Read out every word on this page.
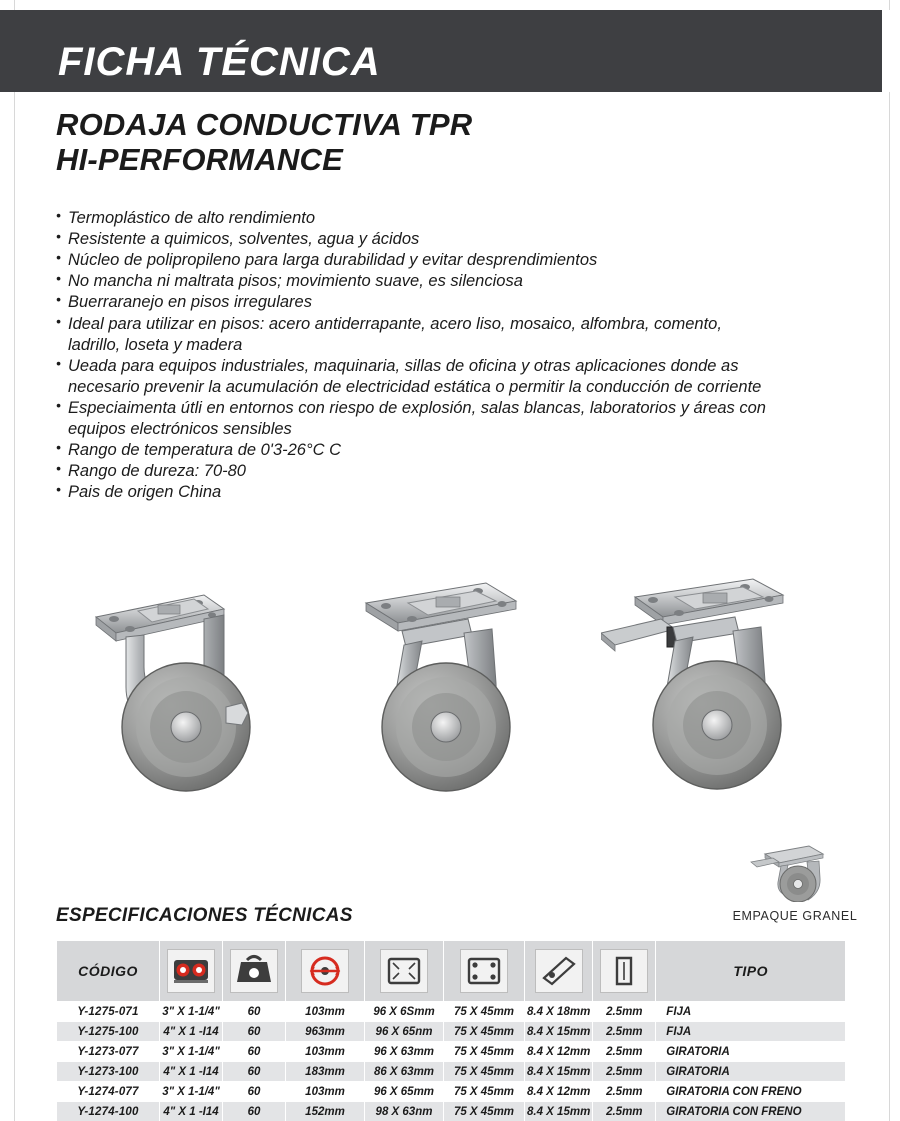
FICHA TÉCNICA
RODAJA CONDUCTIVA TPR
HI-PERFORMANCE
• Termoplástico de alto rendimiento
• Resistente a quimicos, solventes, agua y ácidos
• Núcleo de polipropileno para larga durabilidad y evitar desprendimientos
• No mancha ni maltrata pisos; movimiento suave, es silenciosa
• Buerraranejo en pisos irregulares
• Ideal para utilizar en pisos: acero antiderrapante, acero liso, mosaico, alfombra, comento, ladrillo, loseta y madera
• Ueada para equipos industriales, maquinaria, sillas de oficina y otras aplicaciones donde as necesario prevenir la acumulación de electricidad estática o permitir la conducción de corriente
• Especiaimenta útli en entornos con riespo de explosión, salas blancas, laboratorios y áreas con equipos electrónicos sensibles
• Rango de temperatura de 0'3-26°C C
• Rango de dureza: 70-80
• Pais de origen China
EMPAQUE GRANEL
ESPECIFICACIONES TÉCNICAS
CÓDIGO								TIPO
Y-1275-071	3" X 1-1/4"	60	103mm	96 X 6Smm	75 X 45mm	8.4 X 18mm	2.5mm	FIJA
Y-1275-100	4" X 1 -I14	60	963mm	96 X 65nm	75 X 45mm	8.4 X 15mm	2.5mm	FIJA
Y-1273-077	3" X 1-1/4"	60	103mm	96 X 63mm	75 X 45mm	8.4 X 12mm	2.5mm	GIRATORIA
Y-1273-100	4" X 1 -I14	60	183mm	86 X 63mm	75 X 45mm	8.4 X 15mm	2.5mm	GIRATORIA
Y-1274-077	3" X 1-1/4"	60	103mm	96 X 65mm	75 X 45mm	8.4 X 12mm	2.5mm	GIRATORIA CON FRENO
Y-1274-100	4" X 1 -I14	60	152mm	98 X 63nm	75 X 45mm	8.4 X 15mm	2.5mm	GIRATORIA CON FRENO
